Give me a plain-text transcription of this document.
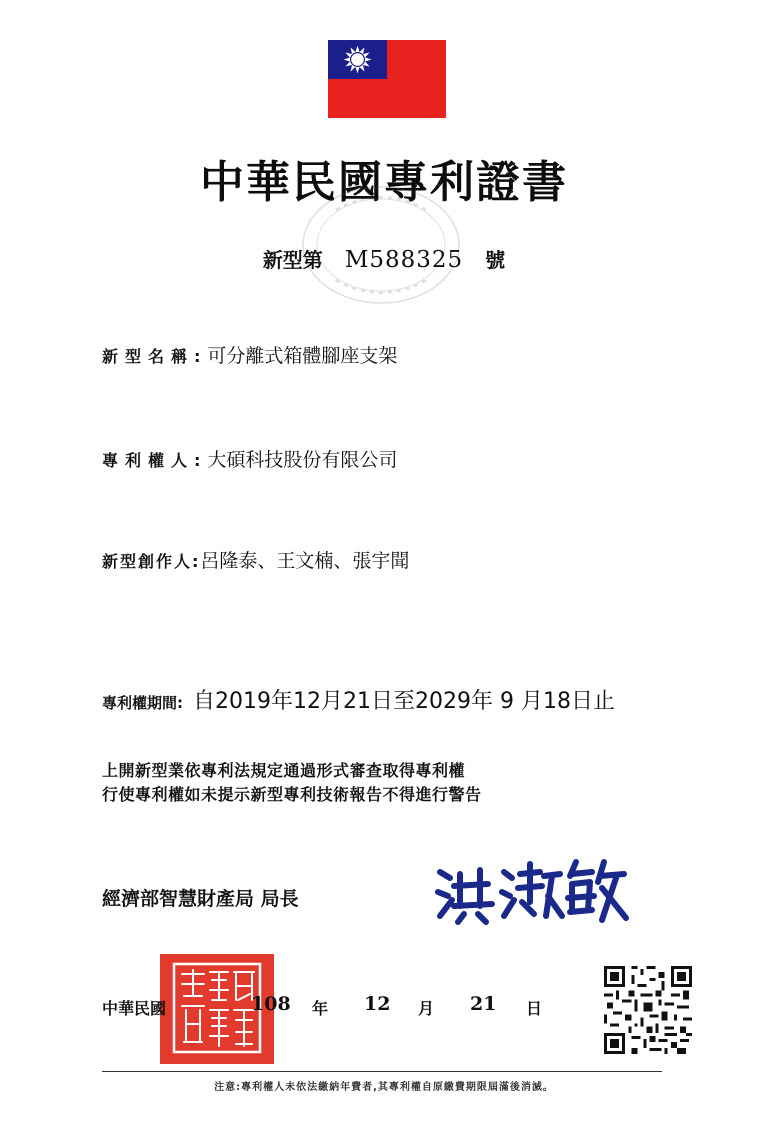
中華民國專利證書
新型第 M588325 號
新型名稱:可分離式箱體腳座支架
專利權人:大碩科技股份有限公司
新型創作人:呂隆泰、王文楠、張宇聞
專利權期間: 自2019年12月21日至2029年 9 月18日止
上開新型業依專利法規定通過形式審查取得專利權
行使專利權如未提示新型專利技術報告不得進行警告
經濟部智慧財產局 局長
中華民國	108 年 12 月 21 日
注意:專利權人未依法繳納年費者,其專利權自原繳費期限屆滿後消滅。
